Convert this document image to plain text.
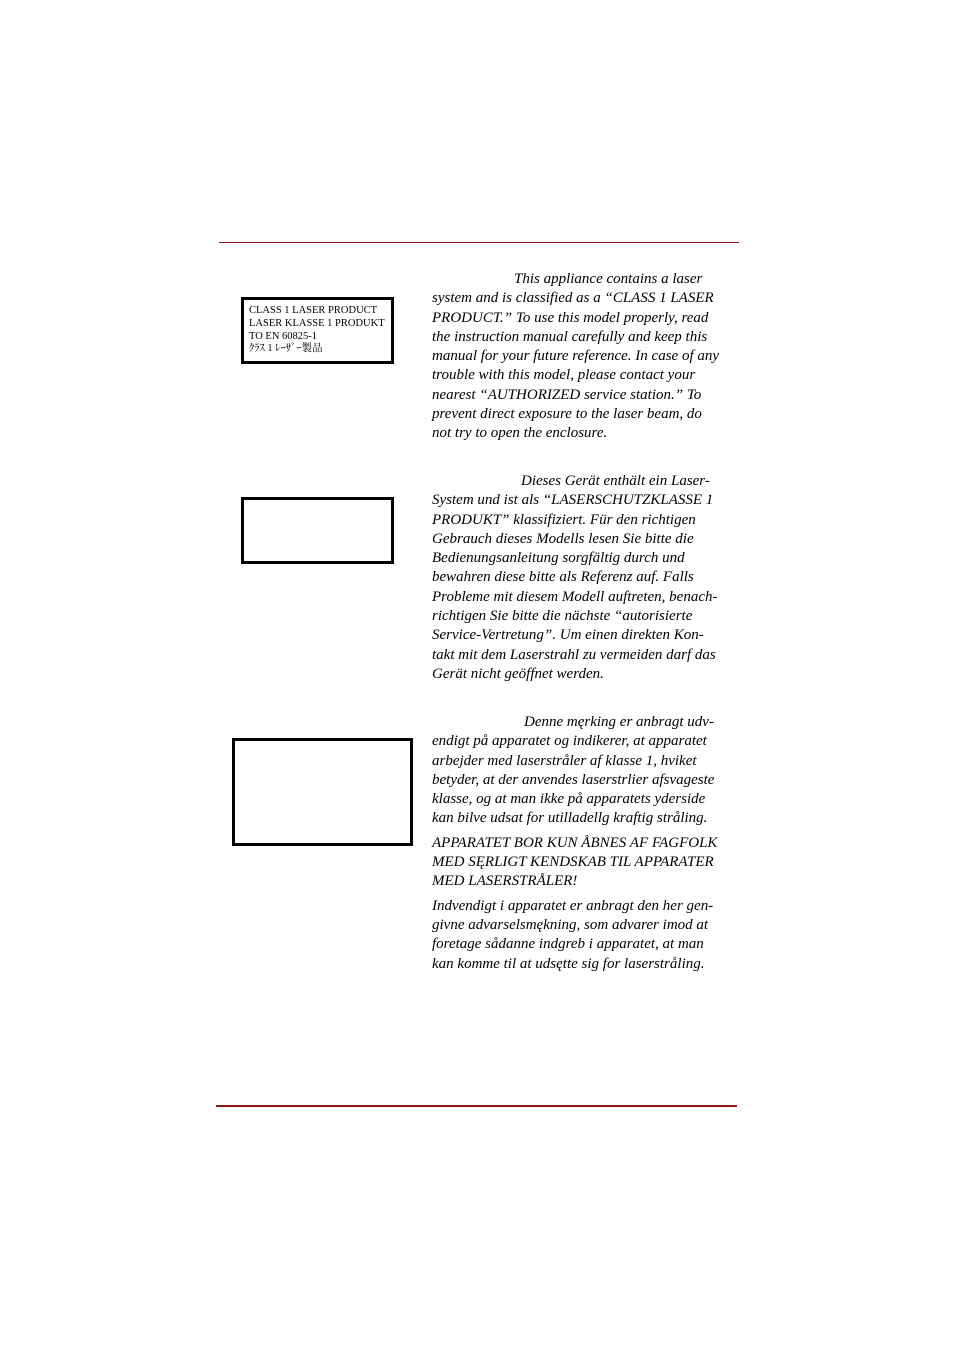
CLASS 1 LASER PRODUCT
LASER KLASSE 1 PRODUKT
TO EN 60825-1
ｸﾗｽ 1 ﾚｰｻﾞｰ製品
This appliance contains a laser
system and is classified as a “CLASS 1 LASER
PRODUCT.” To use this model properly, read
the instruction manual carefully and keep this
manual for your future reference. In case of any
trouble with this model, please contact your
nearest “AUTHORIZED service station.” To
prevent direct exposure to the laser beam, do
not try to open the enclosure.
Dieses Gerät enthält ein Laser-
System und ist als “LASERSCHUTZKLASSE 1
PRODUKT” klassifiziert. Für den richtigen
Gebrauch dieses Modells lesen Sie bitte die
Bedienungsanleitung sorgfältig durch und
bewahren diese bitte als Referenz auf. Falls
Probleme mit diesem Modell auftreten, benach-
richtigen Sie bitte die nächste “autorisierte
Service-Vertretung”. Um einen direkten Kon-
takt mit dem Laserstrahl zu vermeiden darf das
Gerät nicht geöffnet werden.
Denne męrking er anbragt udv-
endigt på apparatet og indikerer, at apparatet
arbejder med laserstråler af klasse 1, hviket
betyder, at der anvendes laserstrlier afsvageste
klasse, og at man ikke på apparatets yderside
kan bilve udsat for utilladellg kraftig stråling.
APPARATET BOR KUN ÅBNES AF FAGFOLK
MED SĘRLIGT KENDSKAB TIL APPARATER
MED LASERSTRÅLER!
Indvendigt i apparatet er anbragt den her gen-
givne advarselsmękning, som advarer imod at
foretage sådanne indgreb i apparatet, at man
kan komme til at udsętte sig for laserstråling.
